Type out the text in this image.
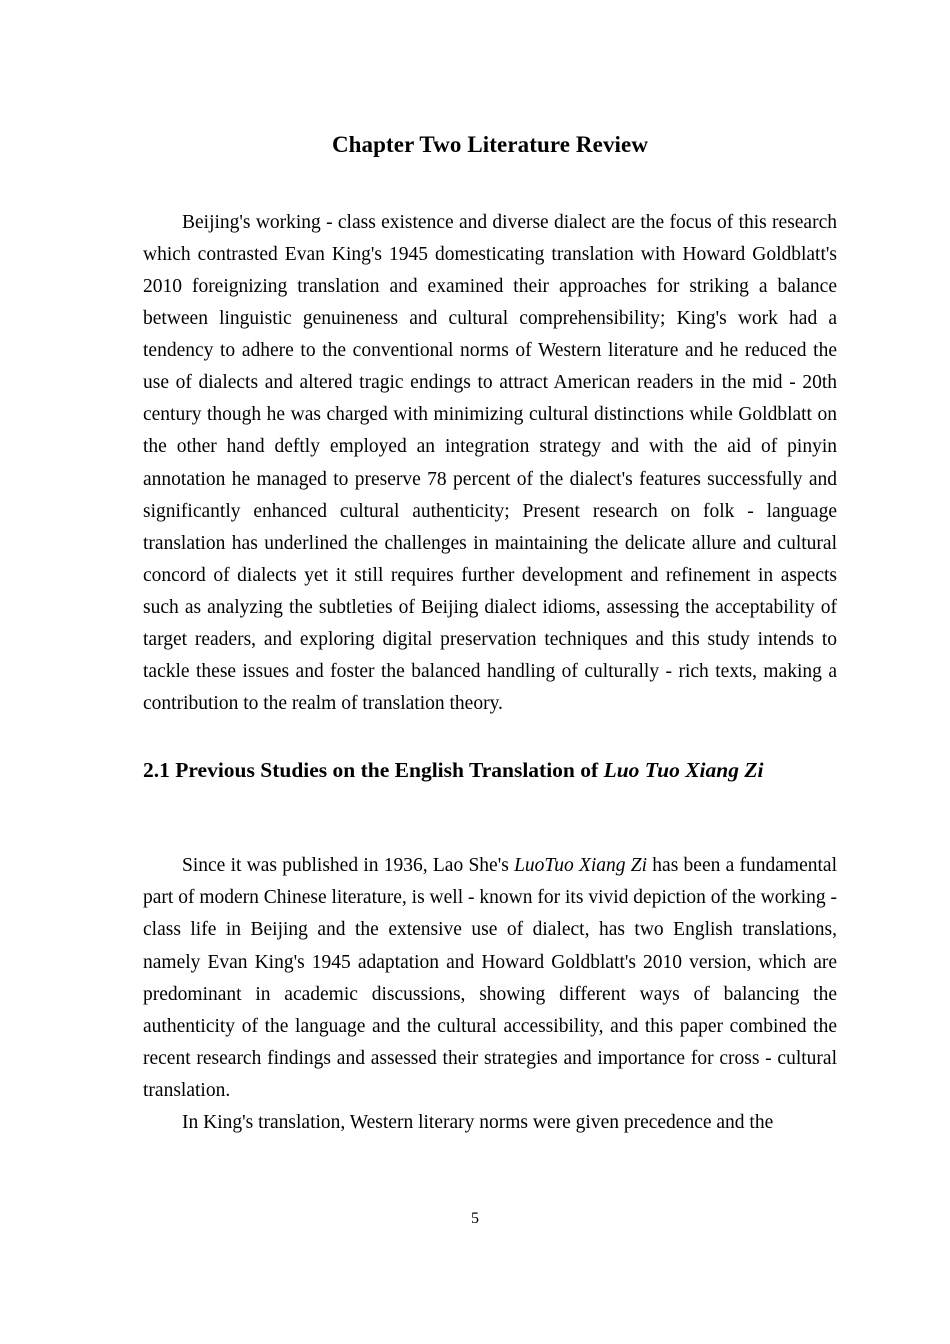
Chapter Two Literature Review

Beijing's working - class existence and diverse dialect are the focus of this research which contrasted Evan King's 1945 domesticating translation with Howard Goldblatt's 2010 foreignizing translation and examined their approaches for striking a balance between linguistic genuineness and cultural comprehensibility; King's work had a tendency to adhere to the conventional norms of Western literature and he reduced the use of dialects and altered tragic endings to attract American readers in the mid - 20th century though he was charged with minimizing cultural distinctions while Goldblatt on the other hand deftly employed an integration strategy and with the aid of pinyin annotation he managed to preserve 78 percent of the dialect's features successfully and significantly enhanced cultural authenticity; Present research on folk - language translation has underlined the challenges in maintaining the delicate allure and cultural concord of dialects yet it still requires further development and refinement in aspects such as analyzing the subtleties of Beijing dialect idioms, assessing the acceptability of target readers, and exploring digital preservation techniques and this study intends to tackle these issues and foster the balanced handling of culturally - rich texts, making a contribution to the realm of translation theory.

2.1 Previous Studies on the English Translation of Luo Tuo Xiang Zi

Since it was published in 1936, Lao She's LuoTuo Xiang Zi has been a fundamental part of modern Chinese literature, is well - known for its vivid depiction of the working - class life in Beijing and the extensive use of dialect, has two English translations, namely Evan King's 1945 adaptation and Howard Goldblatt's 2010 version, which are predominant in academic discussions, showing different ways of balancing the authenticity of the language and the cultural accessibility, and this paper combined the recent research findings and assessed their strategies and importance for cross - cultural translation.

In King's translation, Western literary norms were given precedence and the

5
